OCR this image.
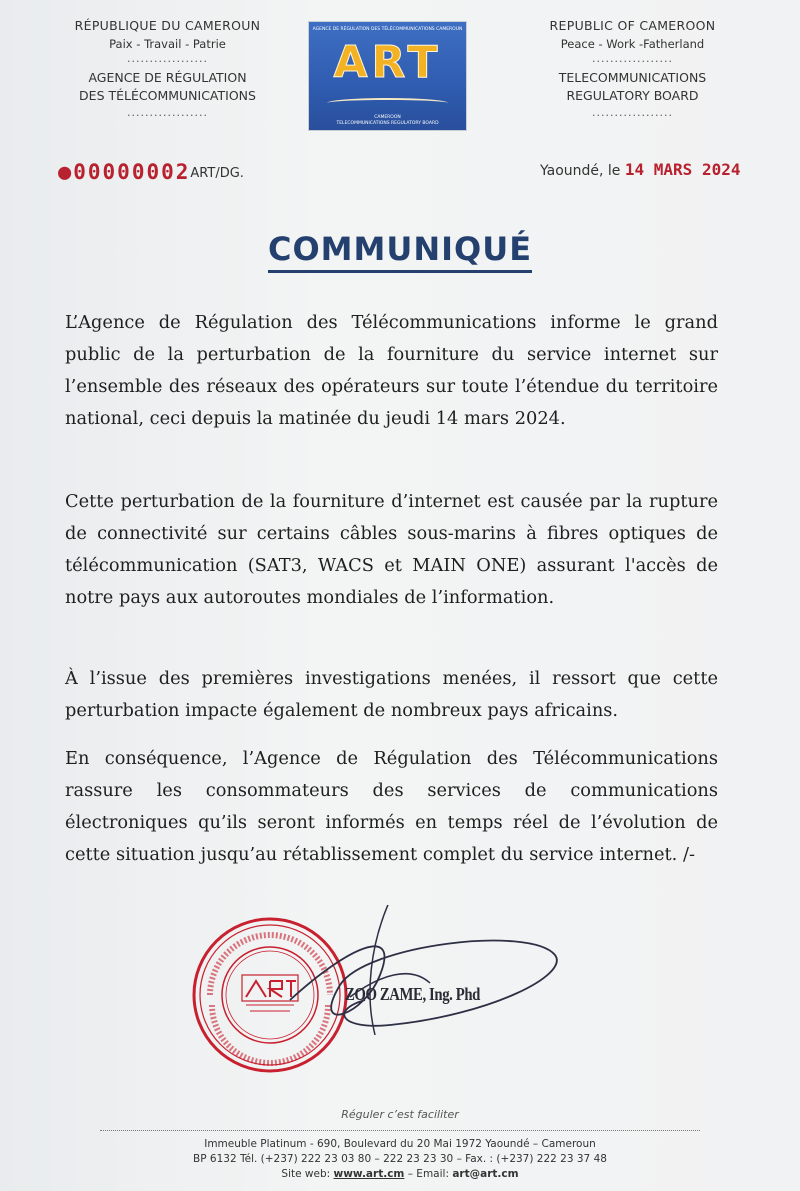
RÉPUBLIQUE DU CAMEROUN
Paix - Travail - Patrie
..................
AGENCE DE RÉGULATION
DES TÉLÉCOMMUNICATIONS
..................
AGENCE DE RÉGULATION DES TÉLÉCOMMUNICATIONS CAMEROUN
ART
CAMEROON
TELECOMMUNICATIONS REGULATORY BOARD
REPUBLIC OF CAMEROON
Peace - Work -Fatherland
..................
TELECOMMUNICATIONS
REGULATORY BOARD
..................
●00000002ART/DG.	Yaoundé, le 14 MARS 2024
COMMUNIQUÉ
L’Agence de Régulation des Télécommunications informe le grand public de la perturbation de la fourniture du service internet sur l’ensemble des réseaux des opérateurs sur toute l’étendue du territoire national, ceci depuis la matinée du jeudi 14 mars 2024.
Cette perturbation de la fourniture d’internet est causée par la rupture de connectivité sur certains câbles sous-marins à fibres optiques de télécommunication (SAT3, WACS et MAIN ONE) assurant l'accès de notre pays aux autoroutes mondiales de l’information.
À l’issue des premières investigations menées, il ressort que cette perturbation impacte également de nombreux pays africains.
En conséquence, l’Agence de Régulation des Télécommunications rassure les consommateurs des services de communications électroniques qu’ils seront informés en temps réel de l’évolution de cette situation jusqu’au rétablissement complet du service internet. /-
ZOO ZAME, Ing. Phd
Réguler c’est faciliter
Immeuble Platinum - 690, Boulevard du 20 Mai 1972 Yaoundé – Cameroun
BP 6132 Tél. (+237) 222 23 03 80 – 222 23 23 30 – Fax. : (+237) 222 23 37 48
Site web: www.art.cm – Email: art@art.cm
